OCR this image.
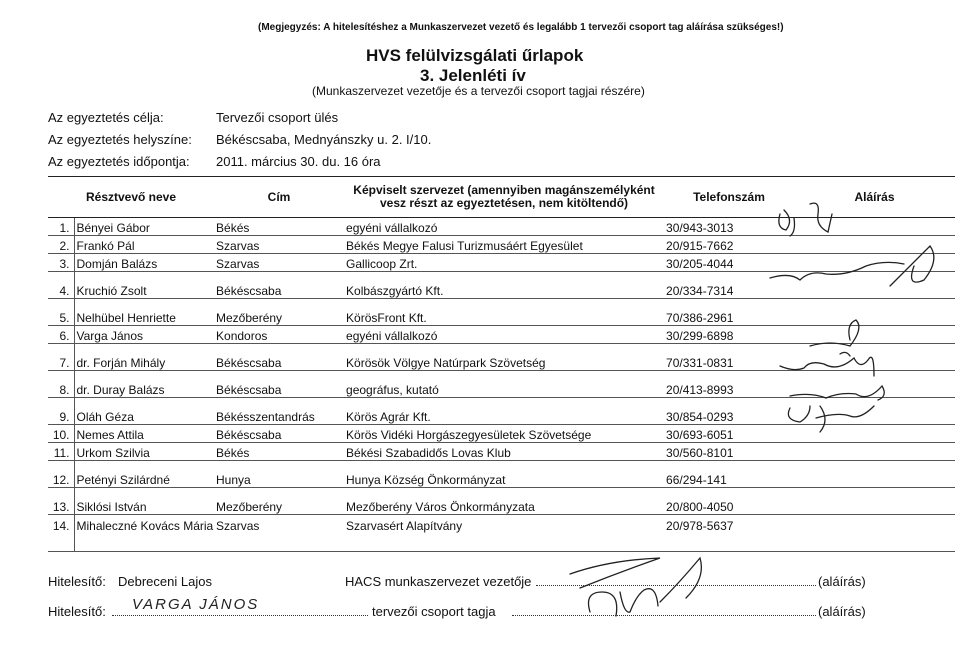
(Megjegyzés: A hitelesítéshez a Munkaszervezet vezető és legalább 1 tervezői csoport tag aláírása szükséges!)
HVS felülvizsgálati űrlapok
3. Jelenléti ív
(Munkaszervezet vezetője és a tervezői csoport tagjai részére)
Az egyeztetés célja:	Tervezői csoport ülés
Az egyeztetés helyszíne: Békéscsaba, Mednyánszky u. 2. I/10.
Az egyeztetés időpontja: 2011. március 30. du. 16 óra
Résztvevő neve		Cím	Képviselt szervezet (amennyiben magánszemélyként vesz részt az egyeztetésen, nem kitöltendő)	Telefonszám	Aláírás
1.	Bényei Gábor	Békés	egyéni vállalkozó	30/943-3013	
2.	Frankó Pál	Szarvas	Békés Megye Falusi Turizmusáért Egyesület	20/915-7662	
3.	Domján Balázs	Szarvas	Gallicoop Zrt.	30/205-4044	
4.	Kruchió Zsolt	Békéscsaba	Kolbászgyártó Kft.	20/334-7314	
5.	Nelhübel Henriette	Mezőberény	KörösFront Kft.	70/386-2961	
6.	Varga János	Kondoros	egyéni vállalkozó	30/299-6898	
7.	dr. Forján Mihály	Békéscsaba	Körösök Völgye Natúrpark Szövetség	70/331-0831	
8.	dr. Duray Balázs	Békéscsaba	geográfus, kutató	20/413-8993	
9.	Oláh Géza	Békésszentandrás	Körös Agrár Kft.	30/854-0293	
10.	Nemes Attila	Békéscsaba	Körös Vidéki Horgászegyesületek Szövetsége	30/693-6051	
11.	Urkom Szilvia	Békés	Békési Szabadidős Lovas Klub	30/560-8101	
12.	Petényi Szilárdné	Hunya	Hunya Község Önkormányzat	66/294-141	
13.	Siklósi István	Mezőberény	Mezőberény Város Önkormányzata	20/800-4050	
14.	Mihaleczné Kovács Mária	Szarvas	Szarvasért Alapítvány	20/978-5637	
Hitelesítő: Debreceni Lajos	HACS munkaszervezet vezetője	(aláírás)
Hitelesítő: VARGA JÁNOS	tervezői csoport tagja	(aláírás)
